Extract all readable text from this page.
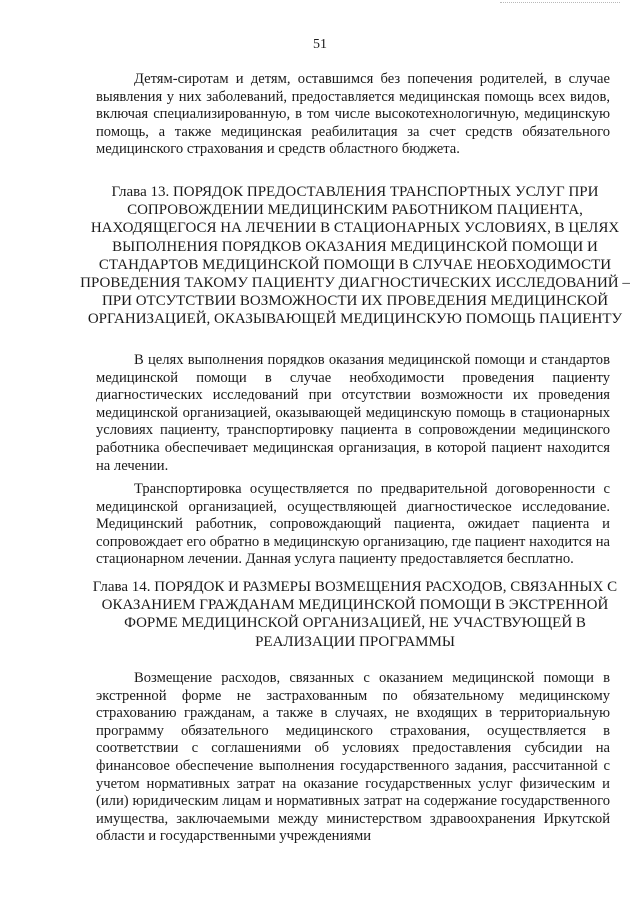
51

Детям-сиротам и детям, оставшимся без попечения родителей, в случае выявления у них заболеваний, предоставляется медицинская помощь всех видов, включая специализированную, в том числе высокотехнологичную, медицинскую помощь, а также медицинская реабилитация за счет средств обязательного медицинского страхования и средств областного бюджета.

Глава 13. ПОРЯДОК ПРЕДОСТАВЛЕНИЯ ТРАНСПОРТНЫХ УСЛУГ ПРИ СОПРОВОЖДЕНИИ МЕДИЦИНСКИМ РАБОТНИКОМ ПАЦИЕНТА, НАХОДЯЩЕГОСЯ НА ЛЕЧЕНИИ В СТАЦИОНАРНЫХ УСЛОВИЯХ, В ЦЕЛЯХ ВЫПОЛНЕНИЯ ПОРЯДКОВ ОКАЗАНИЯ МЕДИЦИНСКОЙ ПОМОЩИ И СТАНДАРТОВ МЕДИЦИНСКОЙ ПОМОЩИ В СЛУЧАЕ НЕОБХОДИМОСТИ ПРОВЕДЕНИЯ ТАКОМУ ПАЦИЕНТУ ДИАГНОСТИЧЕСКИХ ИССЛЕДОВАНИЙ – ПРИ ОТСУТСТВИИ ВОЗМОЖНОСТИ ИХ ПРОВЕДЕНИЯ МЕДИЦИНСКОЙ ОРГАНИЗАЦИЕЙ, ОКАЗЫВАЮЩЕЙ МЕДИЦИНСКУЮ ПОМОЩЬ ПАЦИЕНТУ

В целях выполнения порядков оказания медицинской помощи и стандартов медицинской помощи в случае необходимости проведения пациенту диагностических исследований при отсутствии возможности их проведения медицинской организацией, оказывающей медицинскую помощь в стационарных условиях пациенту, транспортировку пациента в сопровождении медицинского работника обеспечивает медицинская организация, в которой пациент находится на лечении.

Транспортировка осуществляется по предварительной договоренности с медицинской организацией, осуществляющей диагностическое исследование. Медицинский работник, сопровождающий пациента, ожидает пациента и сопровождает его обратно в медицинскую организацию, где пациент находится на стационарном лечении. Данная услуга пациенту предоставляется бесплатно.

Глава 14. ПОРЯДОК И РАЗМЕРЫ ВОЗМЕЩЕНИЯ РАСХОДОВ, СВЯЗАННЫХ С ОКАЗАНИЕМ ГРАЖДАНАМ МЕДИЦИНСКОЙ ПОМОЩИ В ЭКСТРЕННОЙ ФОРМЕ МЕДИЦИНСКОЙ ОРГАНИЗАЦИЕЙ, НЕ УЧАСТВУЮЩЕЙ В РЕАЛИЗАЦИИ ПРОГРАММЫ

Возмещение расходов, связанных с оказанием медицинской помощи в экстренной форме не застрахованным по обязательному медицинскому страхованию гражданам, а также в случаях, не входящих в территориальную программу обязательного медицинского страхования, осуществляется в соответствии с соглашениями об условиях предоставления субсидии на финансовое обеспечение выполнения государственного задания, рассчитанной с учетом нормативных затрат на оказание государственных услуг физическим и (или) юридическим лицам и нормативных затрат на содержание государственного имущества, заключаемыми между министерством здравоохранения Иркутской области и государственными учреждениями
